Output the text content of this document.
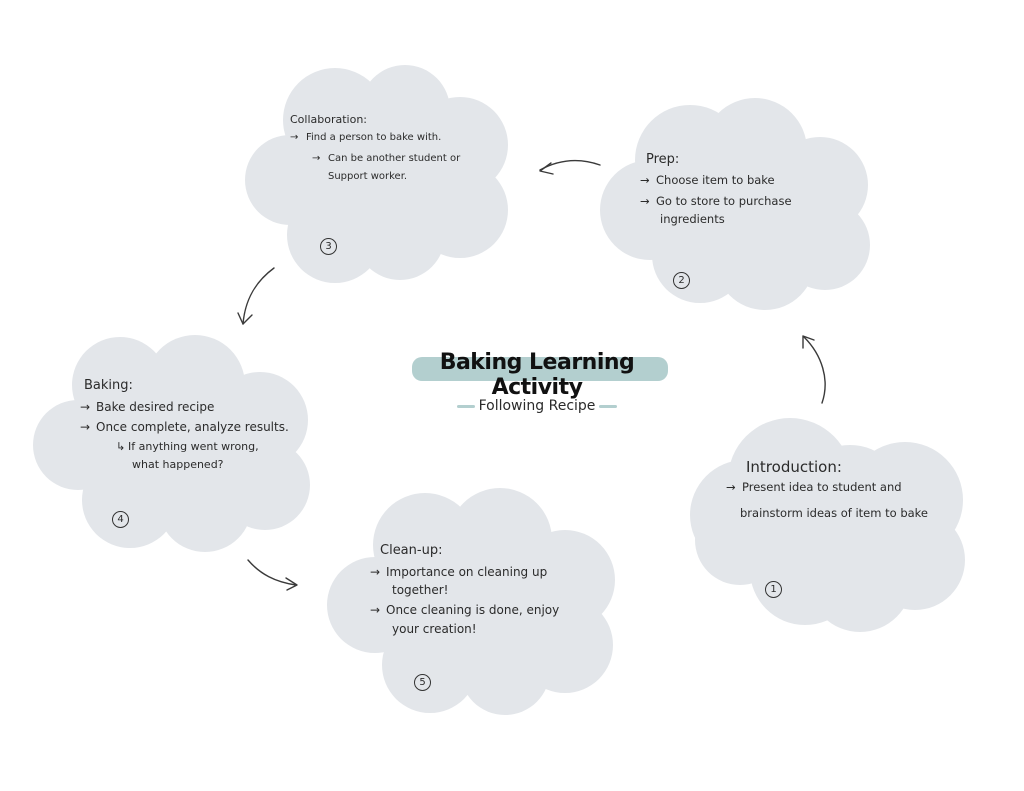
Baking Learning Activity
Following Recipe
Introduction:
→ Present idea to student and
brainstorm ideas of item to bake
1
Prep:
→ Choose item to bake
→ Go to store to purchase
ingredients
2
Collaboration:
→ Find a person to bake with.
→ Can be another student or
Support worker.
3
Baking:
→ Bake desired recipe
→ Once complete, analyze results.
↳ If anything went wrong,
what happened?
4
Clean-up:
→ Importance on cleaning up
together!
→ Once cleaning is done, enjoy
your creation!
5
